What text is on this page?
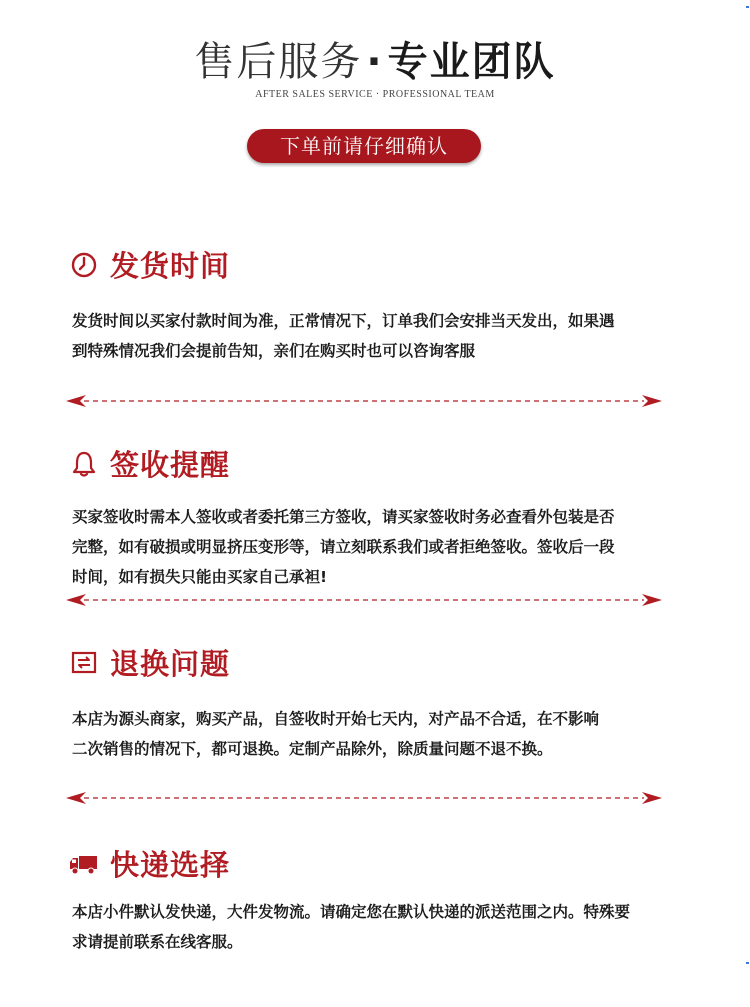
售后服务 · 专业团队
AFTER SALES SERVICE · PROFESSIONAL TEAM
下单前请仔细确认
发货时间
发货时间以买家付款时间为准，正常情况下，订单我们会安排当天发出，如果遇
到特殊情况我们会提前告知，亲们在购买时也可以咨询客服
签收提醒
买家签收时需本人签收或者委托第三方签收，请买家签收时务必查看外包装是否
完整，如有破损或明显挤压变形等，请立刻联系我们或者拒绝签收。签收后一段
时间，如有损失只能由买家自己承袒!
退换问题
本店为源头商家，购买产品，自签收时开始七天内，对产品不合适，在不影响
二次销售的情况下，都可退换。定制产品除外，除质量问题不退不换。
快递选择
本店小件默认发快递，大件发物流。请确定您在默认快递的派送范围之内。特殊要
求请提前联系在线客服。
